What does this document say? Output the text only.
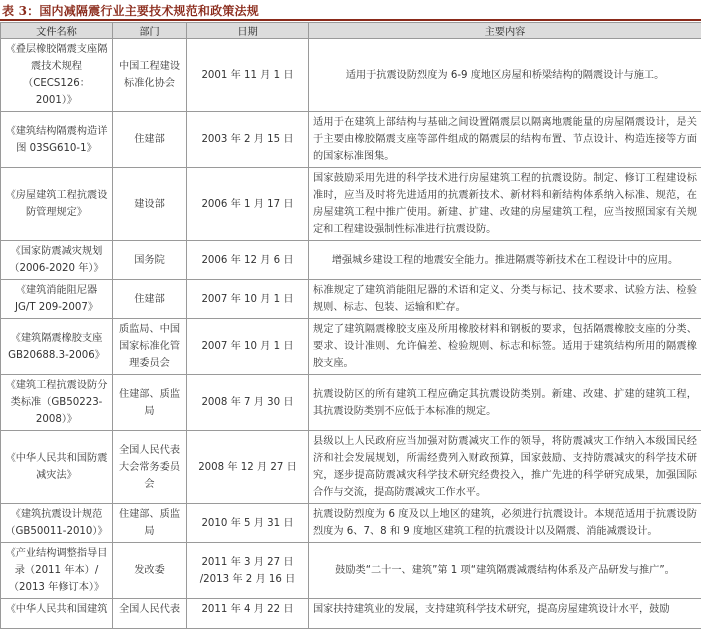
表 3：国内减隔震行业主要技术规范和政策法规
文件名称	部门	日期	主要内容
《叠层橡胶隔震支座隔震技术规程（CECS126：2001）》	中国工程建设标准化协会	2001 年 11 月 1 日	适用于抗震设防烈度为 6-9 度地区房屋和桥梁结构的隔震设计与施工。
《建筑结构隔震构造详图 03SG610-1》	住建部	2003 年 2 月 15 日	适用于在建筑上部结构与基础之间设置隔震层以隔离地震能量的房屋隔震设计，是关于主要由橡胶隔震支座等部件组成的隔震层的结构布置、节点设计、构造连接等方面的国家标准图集。
《房屋建筑工程抗震设防管理规定》	建设部	2006 年 1 月 17 日	国家鼓励采用先进的科学技术进行房屋建筑工程的抗震设防。制定、修订工程建设标准时，应当及时将先进适用的抗震新技术、新材料和新结构体系纳入标准、规范，在房屋建筑工程中推广使用。新建、扩建、改建的房屋建筑工程，应当按照国家有关规定和工程建设强制性标准进行抗震设防。
《国家防震减灾规划（2006-2020 年）》	国务院	2006 年 12 月 6 日	增强城乡建设工程的地震安全能力。推进隔震等新技术在工程设计中的应用。
《建筑消能阻尼器 JG/T 209-2007》	住建部	2007 年 10 月 1 日	标准规定了建筑消能阻尼器的术语和定义、分类与标记、技术要求、试验方法、检验规则、标志、包装、运输和贮存。
《建筑隔震橡胶支座 GB20688.3-2006》	质监局、中国国家标准化管理委员会	2007 年 10 月 1 日	规定了建筑隔震橡胶支座及所用橡胶材料和钢板的要求，包括隔震橡胶支座的分类、要求、设计准则、允许偏差、检验规则、标志和标签。适用于建筑结构所用的隔震橡胶支座。
《建筑工程抗震设防分类标准（GB50223-2008）》	住建部、质监局	2008 年 7 月 30 日	抗震设防区的所有建筑工程应确定其抗震设防类别。新建、改建、扩建的建筑工程，其抗震设防类别不应低于本标准的规定。
《中华人民共和国防震减灾法》	全国人民代表大会常务委员会	2008 年 12 月 27 日	县级以上人民政府应当加强对防震减灾工作的领导，将防震减灾工作纳入本级国民经济和社会发展规划，所需经费列入财政预算，国家鼓励、支持防震减灾的科学技术研究，逐步提高防震减灾科学技术研究经费投入，推广先进的科学研究成果，加强国际合作与交流，提高防震减灾工作水平。
《建筑抗震设计规范（GB50011-2010）》	住建部、质监局	2010 年 5 月 31 日	抗震设防烈度为 6 度及以上地区的建筑，必须进行抗震设计。本规范适用于抗震设防烈度为 6、7、8 和 9 度地区建筑工程的抗震设计以及隔震、消能减震设计。
《产业结构调整指导目录（2011 年本）/（2013 年修订本）》	发改委	2011 年 3 月 27 日 /2013 年 2 月 16 日	鼓励类“二十一、建筑”第 1 项“建筑隔震减震结构体系及产品研发与推广”。
《中华人民共和国建筑	全国人民代表	2011 年 4 月 22 日	国家扶持建筑业的发展，支持建筑科学技术研究，提高房屋建筑设计水平，鼓励
